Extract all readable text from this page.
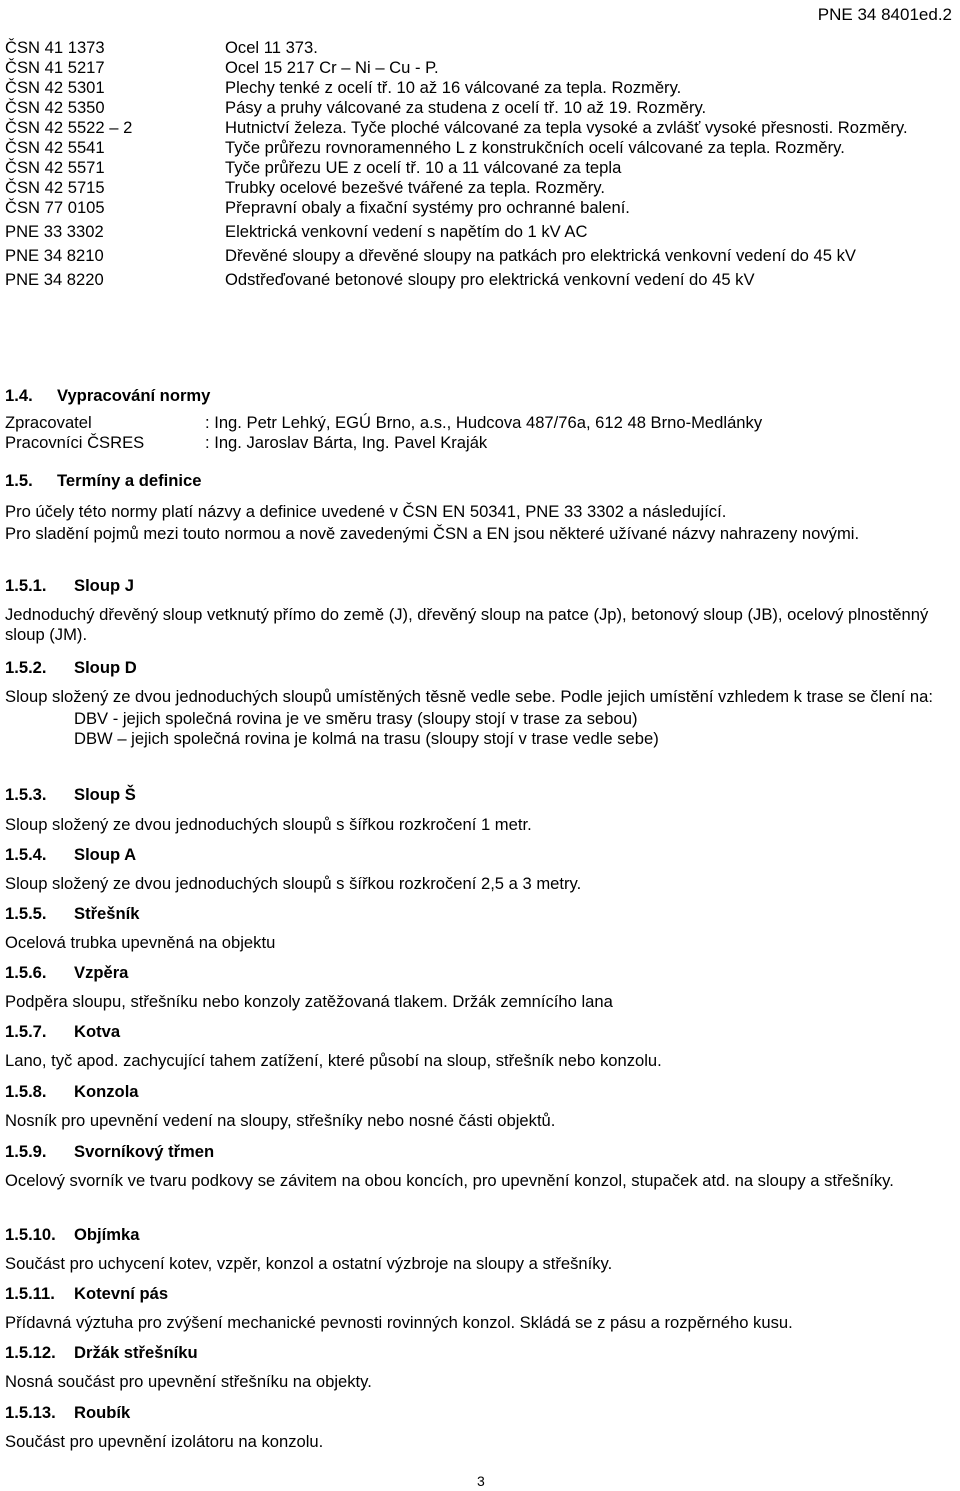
PNE 34 8401ed.2
ČSN 41 1373	Ocel 11 373.
ČSN 41 5217	Ocel 15 217 Cr – Ni – Cu - P.
ČSN 42 5301	Plechy tenké z ocelí tř. 10 až 16 válcované za tepla. Rozměry.
ČSN 42 5350	Pásy a pruhy válcované za studena z ocelí tř. 10 až 19. Rozměry.
ČSN 42 5522 – 2	Hutnictví železa. Tyče ploché válcované za tepla vysoké a zvlášť vysoké přesnosti. Rozměry.
ČSN 42 5541	Tyče průřezu rovnoramenného L z konstrukčních ocelí válcované za tepla. Rozměry.
ČSN 42 5571	Tyče průřezu UE z ocelí tř. 10 a 11 válcované za tepla
ČSN 42 5715	Trubky ocelové bezešvé tvářené za tepla. Rozměry.
ČSN 77 0105	Přepravní obaly a fixační systémy pro ochranné balení.
PNE 33 3302	Elektrická venkovní vedení s napětím do 1 kV AC
PNE 34 8210	Dřevěné sloupy a dřevěné sloupy na patkách pro elektrická venkovní vedení do 45 kV
PNE 34 8220	Odstřeďované betonové sloupy pro elektrická venkovní vedení do 45 kV

1.4. Vypracování normy

Zpracovatel	: Ing. Petr Lehký, EGÚ Brno, a.s., Hudcova 487/76a, 612 48 Brno-Medlánky
Pracovníci ČSRES	: Ing. Jaroslav Bárta, Ing. Pavel Kraják

1.5. Termíny a definice

Pro účely této normy platí názvy a definice uvedené v ČSN EN 50341, PNE 33 3302 a následující.

Pro sladění pojmů mezi touto normou a nově zavedenými ČSN a EN jsou některé užívané názvy nahrazeny novými.

1.5.1. Sloup J

Jednoduchý dřevěný sloup vetknutý přímo do země (J), dřevěný sloup na patce (Jp), betonový sloup (JB), ocelový plnostěnný sloup (JM).

1.5.2. Sloup D

Sloup složený ze dvou jednoduchých sloupů umístěných těsně vedle sebe. Podle jejich umístění vzhledem k trase se člení na:

DBV - jejich společná rovina je ve směru trasy (sloupy stojí v trase za sebou)

DBW – jejich společná rovina je kolmá na trasu (sloupy stojí v trase vedle sebe)

1.5.3. Sloup Š

Sloup složený ze dvou jednoduchých sloupů s šířkou rozkročení 1 metr.

1.5.4. Sloup A

Sloup složený ze dvou jednoduchých sloupů s šířkou rozkročení 2,5 a 3 metry.

1.5.5. Střešník

Ocelová trubka upevněná na objektu

1.5.6. Vzpěra

Podpěra sloupu, střešníku nebo konzoly zatěžovaná tlakem. Držák zemnícího lana

1.5.7. Kotva

Lano, tyč apod. zachycující tahem zatížení, které působí na sloup, střešník nebo konzolu.

1.5.8. Konzola

Nosník pro upevnění vedení na sloupy, střešníky nebo nosné části objektů.

1.5.9. Svorníkový třmen

Ocelový svorník ve tvaru podkovy se závitem na obou koncích, pro upevnění konzol, stupaček atd. na sloupy a střešníky.

1.5.10. Objímka

Součást pro uchycení kotev, vzpěr, konzol a ostatní výzbroje na sloupy a střešníky.

1.5.11. Kotevní pás

Přídavná výztuha pro zvýšení mechanické pevnosti rovinných konzol. Skládá se z pásu a rozpěrného kusu.

1.5.12. Držák střešníku

Nosná součást pro upevnění střešníku na objekty.

1.5.13. Roubík

Součást pro upevnění izolátoru na konzolu.

3
